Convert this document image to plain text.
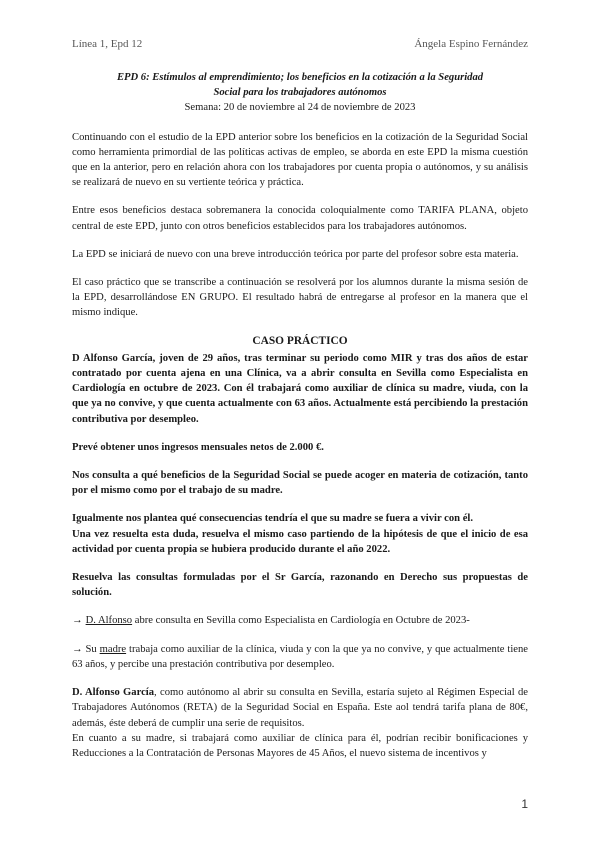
Línea 1, Epd 12	Ángela Espino Fernández
EPD 6: Estímulos al emprendimiento; los beneficios en la cotización a la Seguridad
Social para los trabajadores autónomos
Semana: 20 de noviembre al 24 de noviembre de 2023

Continuando con el estudio de la EPD anterior sobre los beneficios en la cotización de la Seguridad Social como herramienta primordial de las políticas activas de empleo, se aborda en este EPD la misma cuestión que en la anterior, pero en relación ahora con los trabajadores por cuenta propia o autónomos, y su análisis se realizará de nuevo en su vertiente teórica y práctica.

Entre esos beneficios destaca sobremanera la conocida coloquialmente como TARIFA PLANA, objeto central de este EPD, junto con otros beneficios establecidos para los trabajadores autónomos.

La EPD se iniciará de nuevo con una breve introducción teórica por parte del profesor sobre esta materia.

El caso práctico que se transcribe a continuación se resolverá por los alumnos durante la misma sesión de la EPD, desarrollándose EN GRUPO. El resultado habrá de entregarse al profesor en la manera que el mismo indique.

CASO PRÁCTICO

D Alfonso García, joven de 29 años, tras terminar su periodo como MIR y tras dos años de estar contratado por cuenta ajena en una Clínica, va a abrir consulta en Sevilla como Especialista en Cardiología en octubre de 2023. Con él trabajará como auxiliar de clínica su madre, viuda, con la que ya no convive, y que cuenta actualmente con 63 años. Actualmente está percibiendo la prestación contributiva por desempleo.

Prevé obtener unos ingresos mensuales netos de 2.000 €.

Nos consulta a qué beneficios de la Seguridad Social se puede acoger en materia de cotización, tanto por el mismo como por el trabajo de su madre.

Igualmente nos plantea qué consecuencias tendría el que su madre se fuera a vivir con él.

Una vez resuelta esta duda, resuelva el mismo caso partiendo de la hipótesis de que el inicio de esa actividad por cuenta propia se hubiera producido durante el año 2022.

Resuelva las consultas formuladas por el Sr García, razonando en Derecho sus propuestas de solución.

→ D. Alfonso abre consulta en Sevilla como Especialista en Cardiología en Octubre de 2023-

→ Su madre trabaja como auxiliar de la clínica, viuda y con la que ya no convive, y que actualmente tiene 63 años, y percibe una prestación contributiva por desempleo.

D. Alfonso García, como autónomo al abrir su consulta en Sevilla, estaría sujeto al Régimen Especial de Trabajadores Autónomos (RETA) de la Seguridad Social en España. Este aol tendrá tarifa plana de 80€, además, éste deberá de cumplir una serie de requisitos.

En cuanto a su madre, si trabajará como auxiliar de clínica para él, podrían recibir bonificaciones y Reducciones a la Contratación de Personas Mayores de 45 Años, el nuevo sistema de incentivos y

1
